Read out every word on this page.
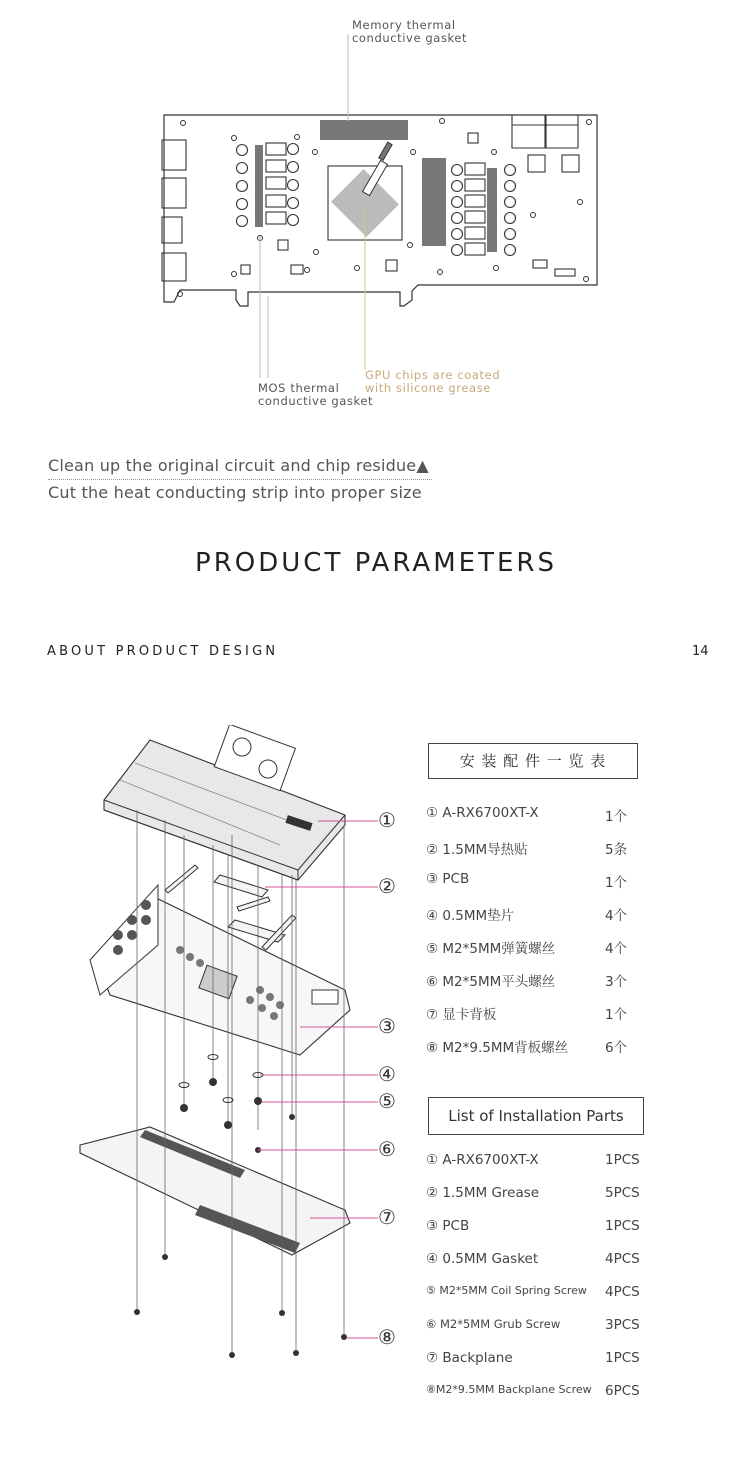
Memory thermal
conductive gasket
MOS thermal
conductive gasket
GPU chips are coated
with silicone grease
Clean up the original circuit and chip residue▲
Cut the heat conducting strip into proper size
PRODUCT PARAMETERS
ABOUT PRODUCT DESIGN	14
①
②
③
④
⑤
⑥
⑦
⑧
安 装 配 件 一 览 表
① A-RX6700XT-X	1个
② 1.5MM导热贴	5条
③ PCB	1个
④ 0.5MM垫片	4个
⑤ M2*5MM弹簧螺丝	4个
⑥ M2*5MM平头螺丝	3个
⑦ 显卡背板	1个
⑧ M2*9.5MM背板螺丝	6个
List of Installation Parts
① A-RX6700XT-X	1PCS
② 1.5MM Grease	5PCS
③ PCB	1PCS
④ 0.5MM Gasket	4PCS
⑤ M2*5MM Coil Spring Screw 4PCS
⑥ M2*5MM Grub Screw	3PCS
⑦ Backplane	1PCS
⑧M2*9.5MM Backplane Screw 6PCS
